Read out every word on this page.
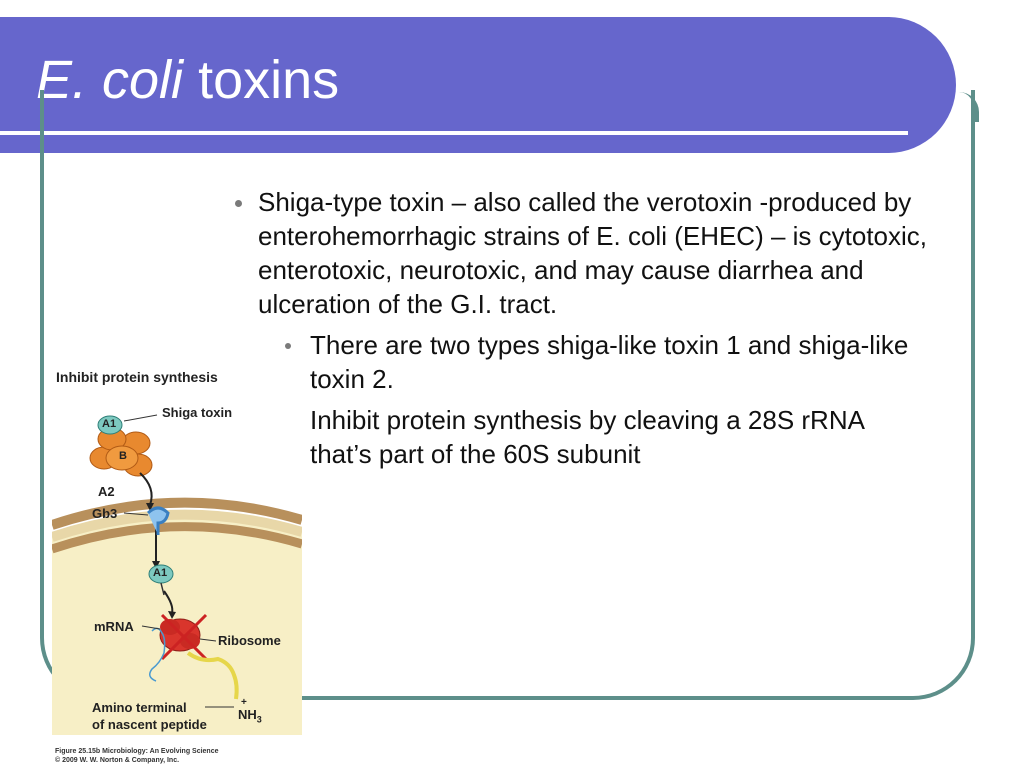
E. coli toxins
Shiga-type toxin – also called the verotoxin -produced by enterohemorrhagic strains of E. coli (EHEC) – is cytotoxic, enterotoxic, neurotoxic, and may cause diarrhea and ulceration of the G.I. tract.
There are two types shiga-like toxin 1 and shiga-like toxin 2.
Inhibit protein synthesis by cleaving a 28S rRNA that’s part of the 60S subunit
Inhibit protein synthesis
Shiga toxin
A1
B
A2
Gb3
A1
mRNA
Ribosome
Amino terminal
of nascent peptide
+
$NH_3$
Figure 25.15b Microbiology: An Evolving Science
© 2009 W. W. Norton & Company, Inc.
